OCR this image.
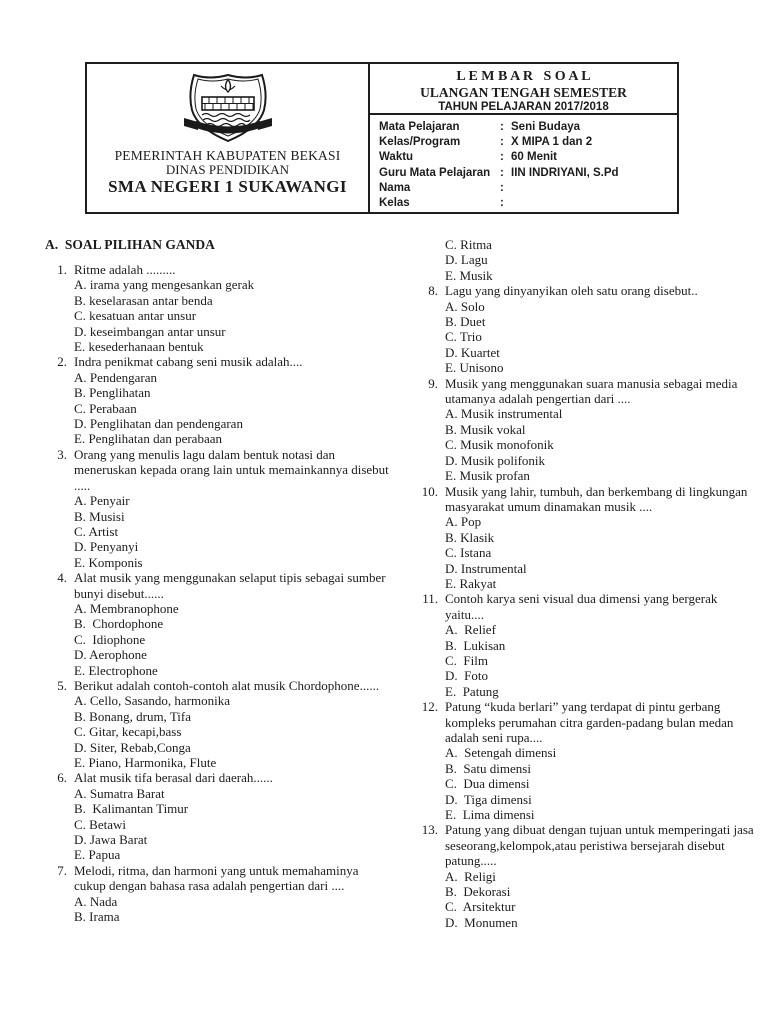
PEMERINTAH KABUPATEN BEKASI
DINAS PENDIDIKAN
SMA NEGERI 1 SUKAWANGI
L E M B A R   S O A L
ULANGAN TENGAH SEMESTER
TAHUN PELAJARAN 2017/2018
Mata Pelajaran	: Seni Budaya
Kelas/Program	: X MIPA 1 dan 2
Waktu	: 60 Menit
Guru Mata Pelajaran : IIN INDRIYANI, S.Pd
Nama	:
Kelas	:
A.  SOAL PILIHAN GANDA
1. Ritme adalah .........
A. irama yang mengesankan gerak
B. keselarasan antar benda
C. kesatuan antar unsur
D. keseimbangan antar unsur
E. kesederhanaan bentuk
2. Indra penikmat cabang seni musik adalah....
A. Pendengaran
B. Penglihatan
C. Perabaan
D. Penglihatan dan pendengaran
E. Penglihatan dan perabaan
3. Orang yang menulis lagu dalam bentuk notasi dan meneruskan kepada orang lain untuk memainkannya disebut .....
A. Penyair
B. Musisi
C. Artist
D. Penyanyi
E. Komponis
4. Alat musik yang menggunakan selaput tipis sebagai sumber bunyi disebut......
A. Membranophone
B.  Chordophone
C.  Idiophone
D. Aerophone
E. Electrophone
5. Berikut adalah contoh-contoh alat musik Chordophone......
A. Cello, Sasando, harmonika
B. Bonang, drum, Tifa
C. Gitar, kecapi,bass
D. Siter, Rebab,Conga
E. Piano, Harmonika, Flute
6. Alat musik tifa berasal dari daerah......
A. Sumatra Barat
B.  Kalimantan Timur
C. Betawi
D. Jawa Barat
E. Papua
7. Melodi, ritma, dan harmoni yang untuk memahaminya cukup dengan bahasa rasa adalah pengertian dari ....
A. Nada
B. Irama
C. Ritma
D. Lagu
E. Musik
8. Lagu yang dinyanyikan oleh satu orang disebut..
A. Solo
B. Duet
C. Trio
D. Kuartet
E. Unisono
9. Musik yang menggunakan suara manusia sebagai media utamanya adalah pengertian dari ....
A. Musik instrumental
B. Musik vokal
C. Musik monofonik
D. Musik polifonik
E. Musik profan
10. Musik yang lahir, tumbuh, dan berkembang di lingkungan masyarakat umum dinamakan musik ....
A. Pop
B. Klasik
C. Istana
D. Instrumental
E. Rakyat
11. Contoh karya seni visual dua dimensi yang bergerak yaitu....
A.  Relief
B.  Lukisan
C.  Film
D.  Foto
E.  Patung
12. Patung “kuda berlari” yang terdapat di pintu gerbang kompleks perumahan citra garden-padang bulan medan adalah seni rupa....
A.  Setengah dimensi
B.  Satu dimensi
C.  Dua dimensi
D.  Tiga dimensi
E.  Lima dimensi
13. Patung yang dibuat dengan tujuan untuk memperingati jasa seseorang,kelompok,atau peristiwa bersejarah disebut patung.....
A.  Religi
B.  Dekorasi
C.  Arsitektur
D.  Monumen
